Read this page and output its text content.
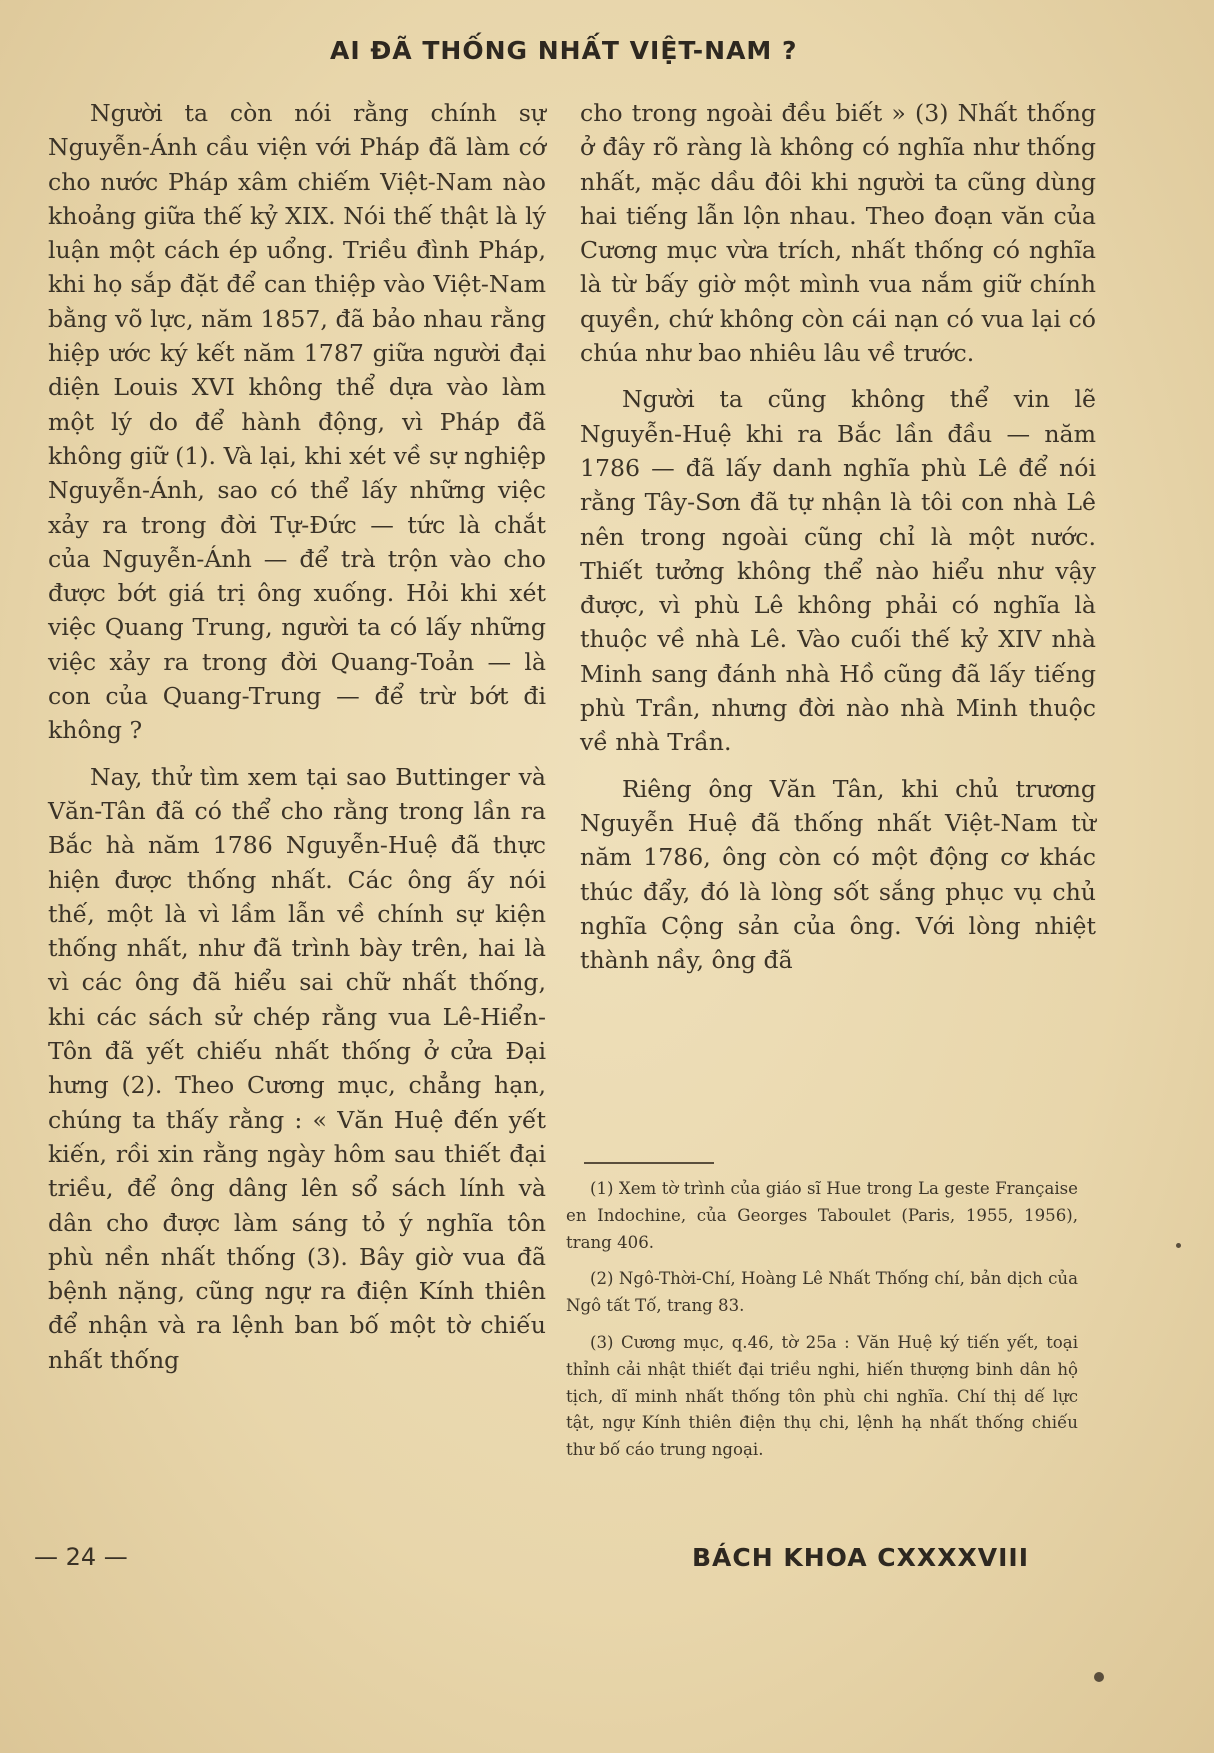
AI ĐÃ THỐNG NHẤT VIỆT-NAM ?

Người ta còn nói rằng chính sự Nguyễn-Ánh cầu viện với Pháp đã làm cớ cho nước Pháp xâm chiếm Việt-Nam nào khoảng giữa thế kỷ XIX. Nói thế thật là lý luận một cách ép uổng. Triều đình Pháp, khi họ sắp đặt để can thiệp vào Việt-Nam bằng võ lực, năm 1857, đã bảo nhau rằng hiệp ước ký kết năm 1787 giữa người đại diện Louis XVI không thể dựa vào làm một lý do để hành động, vì Pháp đã không giữ (1). Và lại, khi xét về sự nghiệp Nguyễn-Ánh, sao có thể lấy những việc xảy ra trong đời Tự-Đức — tức là chắt của Nguyễn-Ánh — để trà trộn vào cho được bớt giá trị ông xuống. Hỏi khi xét việc Quang Trung, người ta có lấy những việc xảy ra trong đời Quang-Toản — là con của Quang-Trung — để trừ bớt đi không ?

Nay, thử tìm xem tại sao Buttinger và Văn-Tân đã có thể cho rằng trong lần ra Bắc hà năm 1786 Nguyễn-Huệ đã thực hiện được thống nhất. Các ông ấy nói thế, một là vì lầm lẫn về chính sự kiện thống nhất, như đã trình bày trên, hai là vì các ông đã hiểu sai chữ nhất thống, khi các sách sử chép rằng vua Lê-Hiển-Tôn đã yết chiếu nhất thống ở cửa Đại hưng (2). Theo Cương mục, chẳng hạn, chúng ta thấy rằng : « Văn Huệ đến yết kiến, rồi xin rằng ngày hôm sau thiết đại triều, để ông dâng lên sổ sách lính và dân cho được làm sáng tỏ ý nghĩa tôn phù nền nhất thống (3). Bây giờ vua đã bệnh nặng, cũng ngự ra điện Kính thiên để nhận và ra lệnh ban bố một tờ chiếu nhất thống

cho trong ngoài đều biết » (3) Nhất thống ở đây rõ ràng là không có nghĩa như thống nhất, mặc dầu đôi khi người ta cũng dùng hai tiếng lẫn lộn nhau. Theo đoạn văn của Cương mục vừa trích, nhất thống có nghĩa là từ bấy giờ một mình vua nắm giữ chính quyền, chứ không còn cái nạn có vua lại có chúa như bao nhiêu lâu về trước.

Người ta cũng không thể vin lẽ Nguyễn-Huệ khi ra Bắc lần đầu — năm 1786 — đã lấy danh nghĩa phù Lê để nói rằng Tây-Sơn đã tự nhận là tôi con nhà Lê nên trong ngoài cũng chỉ là một nước. Thiết tưởng không thể nào hiểu như vậy được, vì phù Lê không phải có nghĩa là thuộc về nhà Lê. Vào cuối thế kỷ XIV nhà Minh sang đánh nhà Hồ cũng đã lấy tiếng phù Trần, nhưng đời nào nhà Minh thuộc về nhà Trần.

Riêng ông Văn Tân, khi chủ trương Nguyễn Huệ đã thống nhất Việt-Nam từ năm 1786, ông còn có một động cơ khác thúc đẩy, đó là lòng sốt sắng phục vụ chủ nghĩa Cộng sản của ông. Với lòng nhiệt thành nầy, ông đã

(1) Xem tờ trình của giáo sĩ Hue trong La geste Française en Indochine, của Georges Taboulet (Paris, 1955, 1956), trang 406.

(2) Ngô-Thời-Chí, Hoàng Lê Nhất Thống chí, bản dịch của Ngô tất Tố, trang 83.

(3) Cương mục, q.46, tờ 25a : Văn Huệ ký tiến yết, toại thỉnh cải nhật thiết đại triều nghi, hiến thượng binh dân hộ tịch, dĩ minh nhất thống tôn phù chi nghĩa. Chí thị dế lực tật, ngự Kính thiên điện thụ chi, lệnh hạ nhất thống chiếu thư bố cáo trung ngoại.

— 24 —	BÁCH KHOA CXXXXVIII
